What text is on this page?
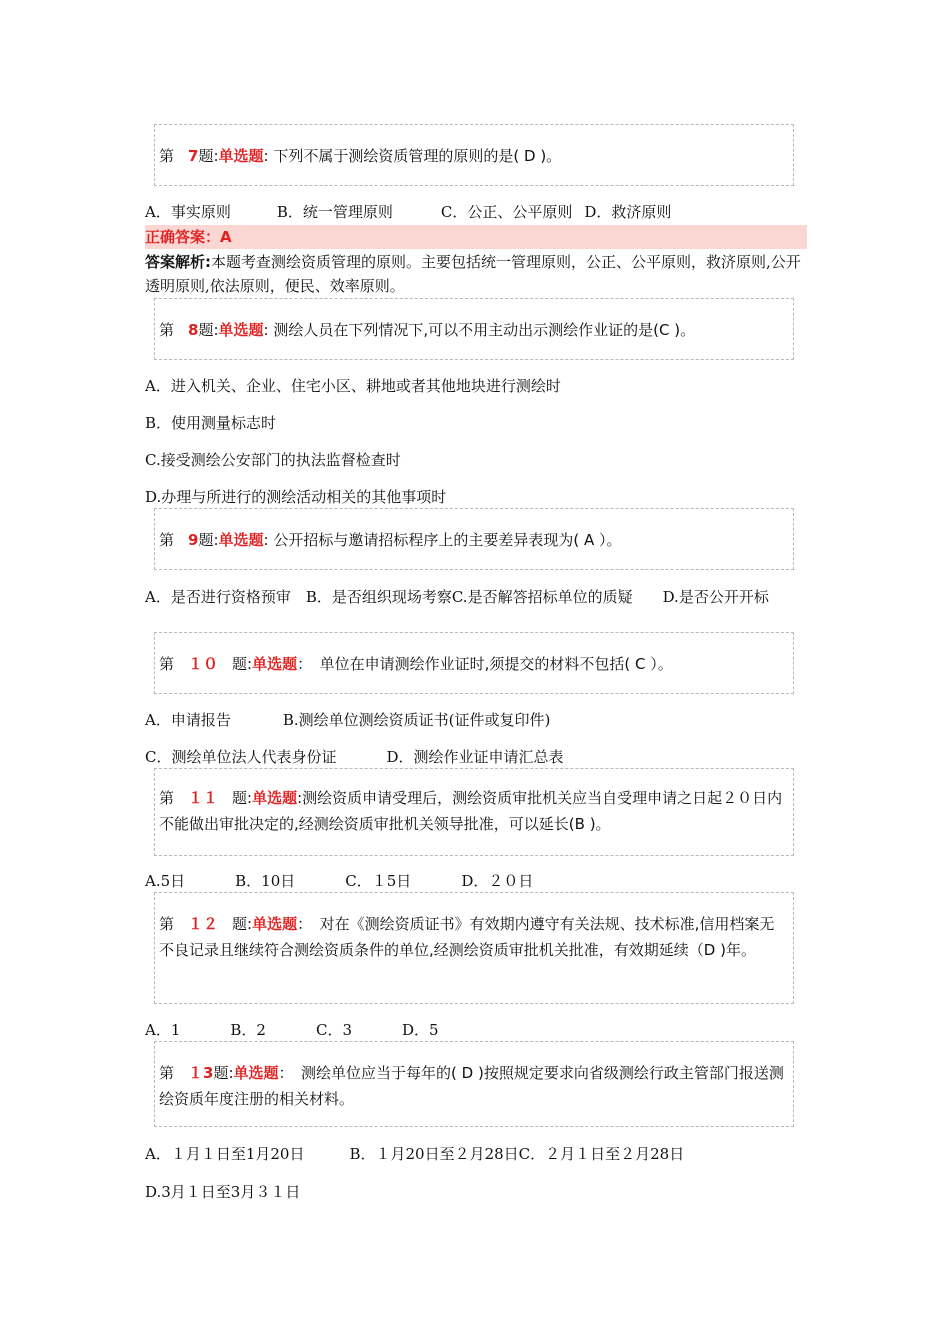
第 7题:单选题: 下列不属于测绘资质管理的原则的是( D )。
A．事实原则	B．统一管理原则	C．公正、公平原则 D．救济原则
正确答案：A
答案解析:本题考查测绘资质管理的原则。主要包括统一管理原则，公正、公平原则，救济原则,公开透明原则,依法原则，便民、效率原则。
第 8题:单选题: 测绘人员在下列情况下,可以不用主动出示测绘作业证的是(C )。
A．进入机关、企业、住宅小区、耕地或者其他地块进行测绘时
B．使用测量标志时
C.接受测绘公安部门的执法监督检查时
D.办理与所进行的测绘活动相关的其他事项时
第 9题:单选题: 公开招标与邀请招标程序上的主要差异表现为( A ）。
A．是否进行资格预审　B．是否组织现场考察C.是否解答招标单位的质疑　　D.是否公开开标
第 １０ 题:单选题：　单位在申请测绘作业证时,须提交的材料不包括( C ）。
A．申请报告	B.测绘单位测绘资质证书(证件或复印件)
C．测绘单位法人代表身份证	D．测绘作业证申请汇总表
第 １１ 题:单选题:测绘资质申请受理后，测绘资质审批机关应当自受理申请之日起２０日内不能做出审批决定的,经测绘资质审批机关领导批准，可以延长(B )。
A.5日	B．10日	C．１5日	D．２０日
第 １２ 题:单选题：　对在《测绘资质证书》有效期内遵守有关法规、技术标准,信用档案无不良记录且继续符合测绘资质条件的单位,经测绘资质审批机关批准，有效期延续（D )年。
A．1	B．2	C．3	D．5
第 １3题:单选题：　测绘单位应当于每年的( D )按照规定要求向省级测绘行政主管部门报送测绘资质年度注册的相关材料。
A．１月１日至1月20日　　　B．１月20日至２月28日C．２月１日至２月28日
D.3月１日至3月３１日
